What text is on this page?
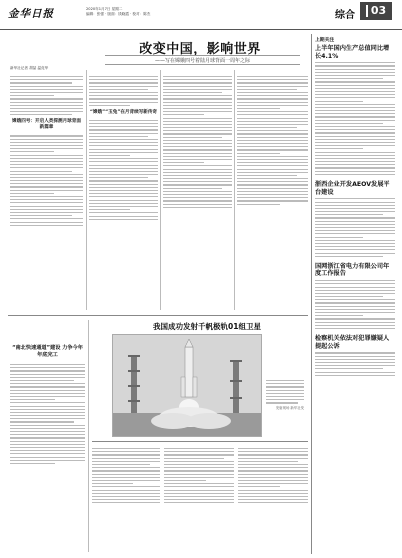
金华日报	2020年1月7日 星期二
编辑：张强 · 版面：钱晓霞 · 校对：陈杰	综合	03
改变中国，影响世界
——写在嫦娥四号着陆月球背面一周年之际
新华社记者 胡喆 温竞华
嫦娥四号：开启人类探测月球背面新篇章
“嫦娥”“玉兔”在月背续写新传奇
“南北快速通道”建设 力争今年年底完工
我国成功发射千帆极轨01组卫星
发射现场 新华社发
上期关注
上半年国内生产总值同比增长4.1%
浙西企业开发AEOV发展平台建设
国网浙江省电力有限公司年度工作报告
检察机关依法对犯罪嫌疑人提起公诉
